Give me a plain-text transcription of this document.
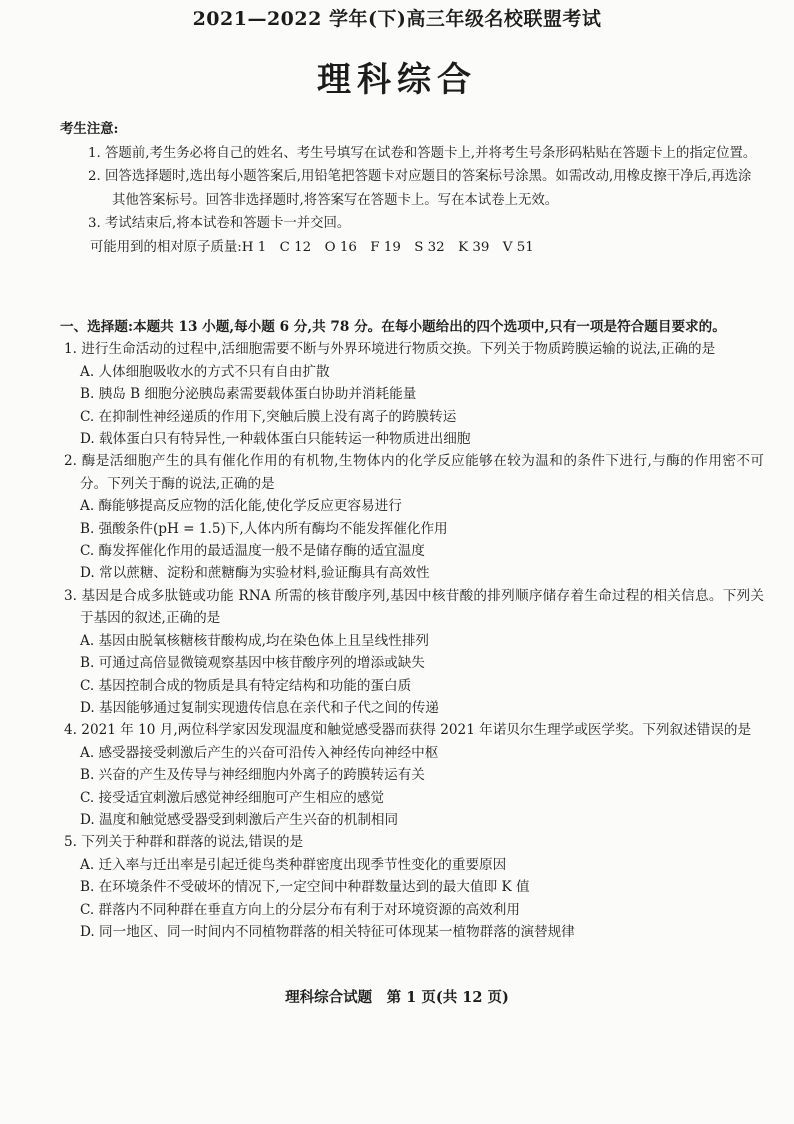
2021—2022 学年(下)高三年级名校联盟考试
理科综合
考生注意:
1. 答题前,考生务必将自己的姓名、考生号填写在试卷和答题卡上,并将考生号条形码粘贴在答题卡上的指定位置。
2. 回答选择题时,选出每小题答案后,用铅笔把答题卡对应题目的答案标号涂黑。如需改动,用橡皮擦干净后,再选涂其他答案标号。回答非选择题时,将答案写在答题卡上。写在本试卷上无效。
3. 考试结束后,将本试卷和答题卡一并交回。
可能用到的相对原子质量:H 1　C 12　O 16　F 19　S 32　K 39　V 51
一、选择题:本题共 13 小题,每小题 6 分,共 78 分。在每小题给出的四个选项中,只有一项是符合题目要求的。
1. 进行生命活动的过程中,活细胞需要不断与外界环境进行物质交换。下列关于物质跨膜运输的说法,正确的是
A. 人体细胞吸收水的方式不只有自由扩散
B. 胰岛 B 细胞分泌胰岛素需要载体蛋白协助并消耗能量
C. 在抑制性神经递质的作用下,突触后膜上没有离子的跨膜转运
D. 载体蛋白只有特异性,一种载体蛋白只能转运一种物质进出细胞
2. 酶是活细胞产生的具有催化作用的有机物,生物体内的化学反应能够在较为温和的条件下进行,与酶的作用密不可分。下列关于酶的说法,正确的是
A. 酶能够提高反应物的活化能,使化学反应更容易进行
B. 强酸条件(pH = 1.5)下,人体内所有酶均不能发挥催化作用
C. 酶发挥催化作用的最适温度一般不是储存酶的适宜温度
D. 常以蔗糖、淀粉和蔗糖酶为实验材料,验证酶具有高效性
3. 基因是合成多肽链或功能 RNA 所需的核苷酸序列,基因中核苷酸的排列顺序储存着生命过程的相关信息。下列关于基因的叙述,正确的是
A. 基因由脱氧核糖核苷酸构成,均在染色体上且呈线性排列
B. 可通过高倍显微镜观察基因中核苷酸序列的增添或缺失
C. 基因控制合成的物质是具有特定结构和功能的蛋白质
D. 基因能够通过复制实现遗传信息在亲代和子代之间的传递
4. 2021 年 10 月,两位科学家因发现温度和触觉感受器而获得 2021 年诺贝尔生理学或医学奖。下列叙述错误的是
A. 感受器接受刺激后产生的兴奋可沿传入神经传向神经中枢
B. 兴奋的产生及传导与神经细胞内外离子的跨膜转运有关
C. 接受适宜刺激后感觉神经细胞可产生相应的感觉
D. 温度和触觉感受器受到刺激后产生兴奋的机制相同
5. 下列关于种群和群落的说法,错误的是
A. 迁入率与迁出率是引起迁徙鸟类种群密度出现季节性变化的重要原因
B. 在环境条件不受破坏的情况下,一定空间中种群数量达到的最大值即 K 值
C. 群落内不同种群在垂直方向上的分层分布有利于对环境资源的高效利用
D. 同一地区、同一时间内不同植物群落的相关特征可体现某一植物群落的演替规律
理科综合试题　第 1 页(共 12 页)
